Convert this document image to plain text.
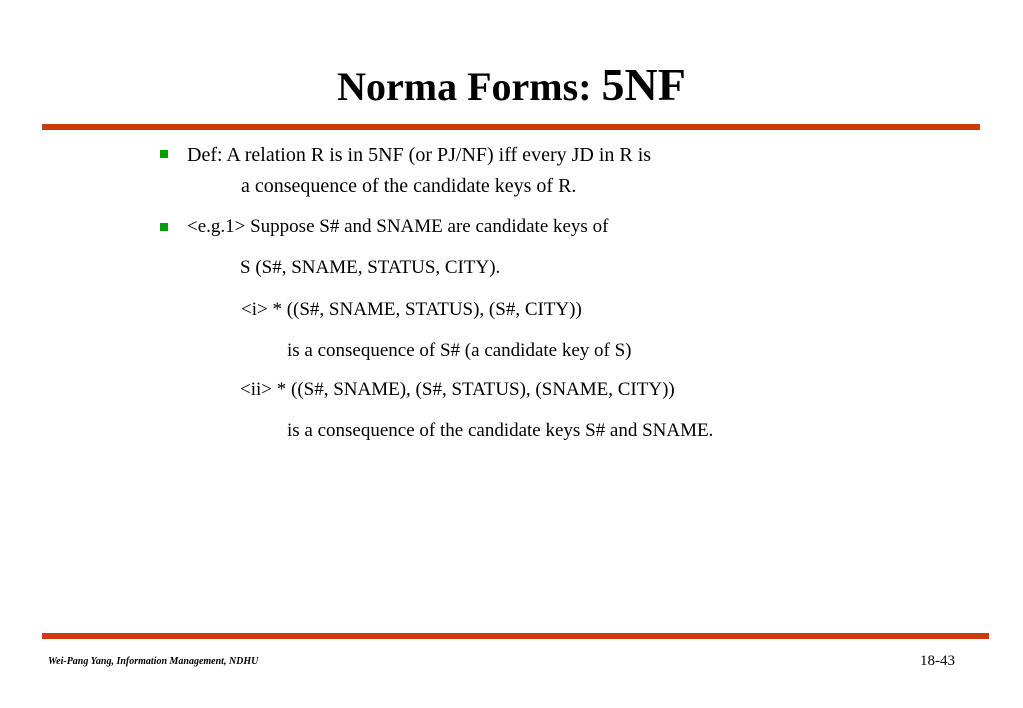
Norma Forms: 5NF
Def: A relation R is in 5NF (or PJ/NF) iff every JD in R is
a consequence of the candidate keys of R.
<e.g.1> Suppose S# and SNAME are candidate keys of
S (S#, SNAME, STATUS, CITY).
<i> * ((S#, SNAME, STATUS), (S#, CITY))
is a consequence of S# (a candidate key of S)
<ii> * ((S#, SNAME), (S#, STATUS), (SNAME, CITY))
is a consequence of the candidate keys S# and SNAME.
Wei-Pang Yang, Information Management, NDHU	18-43
